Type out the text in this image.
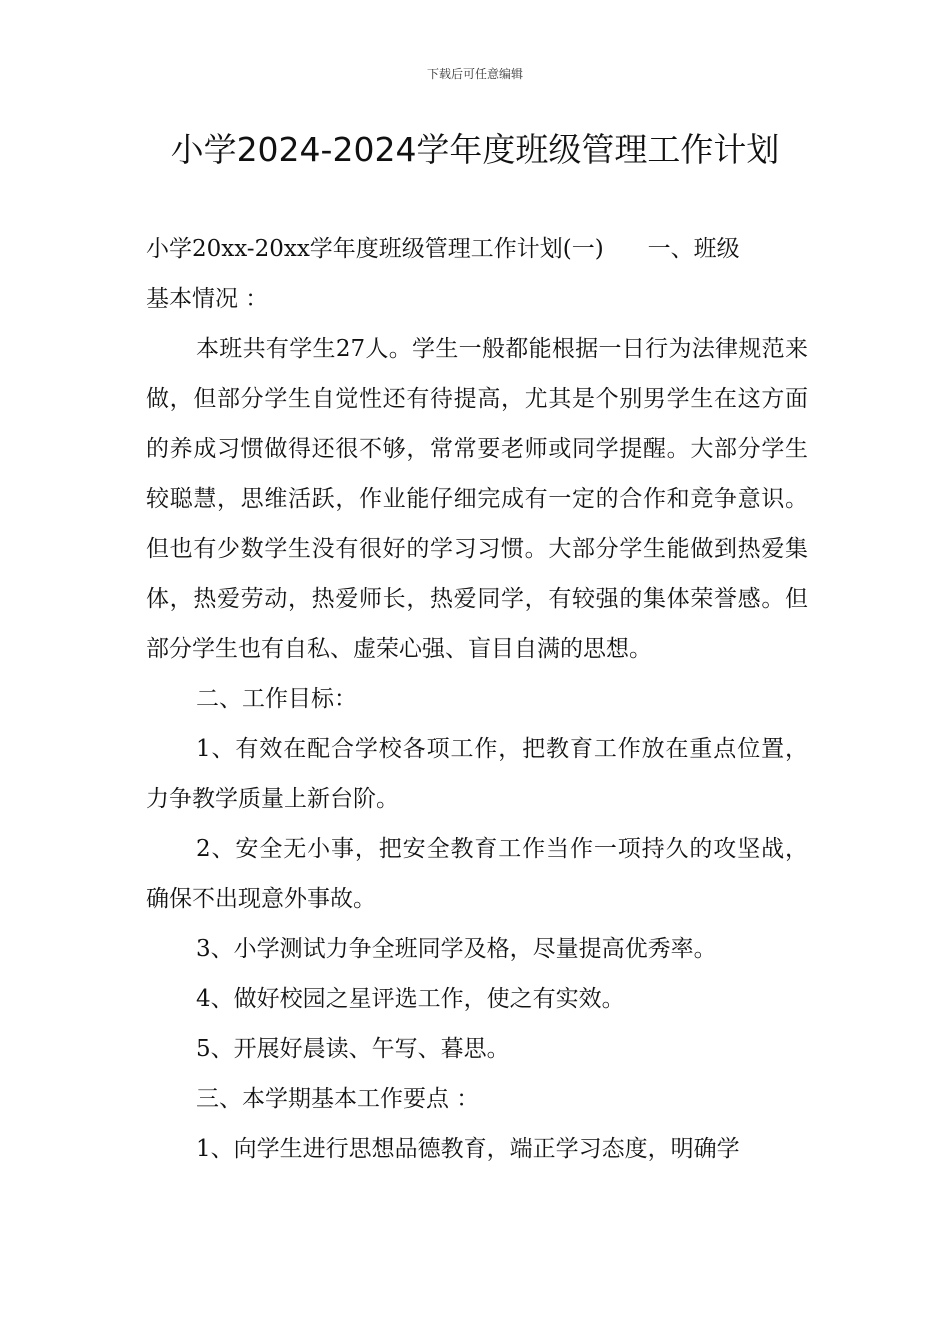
下载后可任意编辑
小学2024-2024学年度班级管理工作计划

小学20xx-20xx学年度班级管理工作计划(一)      一、班级

基本情况 ：

本班共有学生27人。学生一般都能根据一日行为法律规范来做，但部分学生自觉性还有待提高，尤其是个别男学生在这方面的养成习惯做得还很不够，常常要老师或同学提醒。大部分学生较聪慧，思维活跃，作业能仔细完成有一定的合作和竞争意识。但也有少数学生没有很好的学习习惯。大部分学生能做到热爱集体，热爱劳动，热爱师长，热爱同学，有较强的集体荣誉感。但部分学生也有自私、虚荣心强、盲目自满的思想。

二、工作目标：

1、有效在配合学校各项工作，把教育工作放在重点位置，力争教学质量上新台阶。

2、安全无小事，把安全教育工作当作一项持久的攻坚战，确保不出现意外事故。

3、小学测试力争全班同学及格，尽量提高优秀率。

4、做好校园之星评选工作，使之有实效。

5、开展好晨读、午写、暮思。

三、本学期基本工作要点 ：

1、向学生进行思想品德教育，端正学习态度，明确学
